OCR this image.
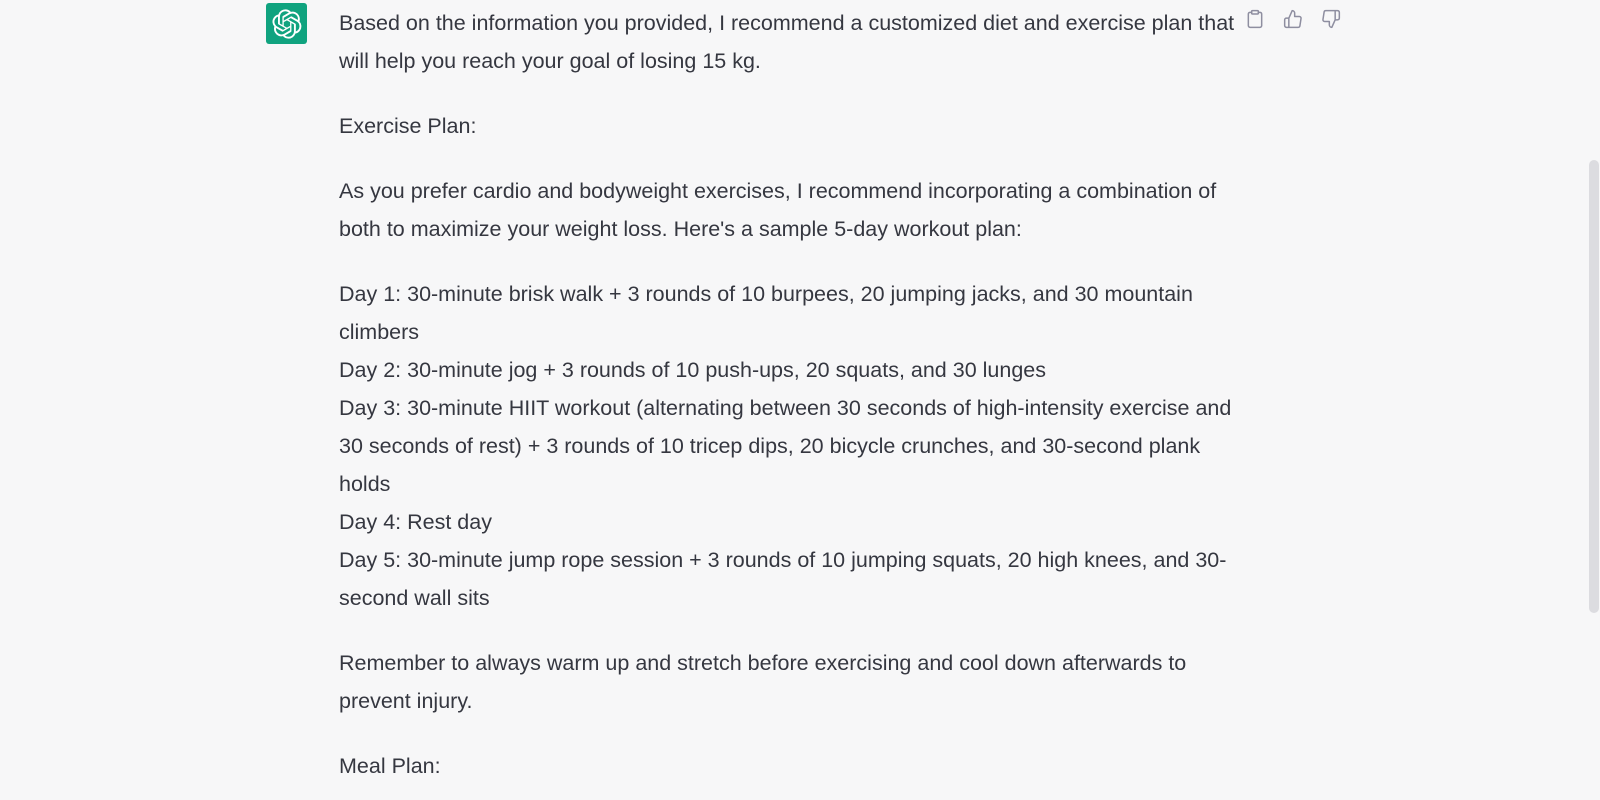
Based on the information you provided, I recommend a customized diet and exercise plan that will help you reach your goal of losing 15 kg.

Exercise Plan:

As you prefer cardio and bodyweight exercises, I recommend incorporating a combination of both to maximize your weight loss. Here's a sample 5-day workout plan:

Day 1: 30-minute brisk walk + 3 rounds of 10 burpees, 20 jumping jacks, and 30 mountain climbers
Day 2: 30-minute jog + 3 rounds of 10 push-ups, 20 squats, and 30 lunges
Day 3: 30-minute HIIT workout (alternating between 30 seconds of high-intensity exercise and 30 seconds of rest) + 3 rounds of 10 tricep dips, 20 bicycle crunches, and 30-second plank holds
Day 4: Rest day
Day 5: 30-minute jump rope session + 3 rounds of 10 jumping squats, 20 high knees, and 30-second wall sits

Remember to always warm up and stretch before exercising and cool down afterwards to prevent injury.

Meal Plan:
